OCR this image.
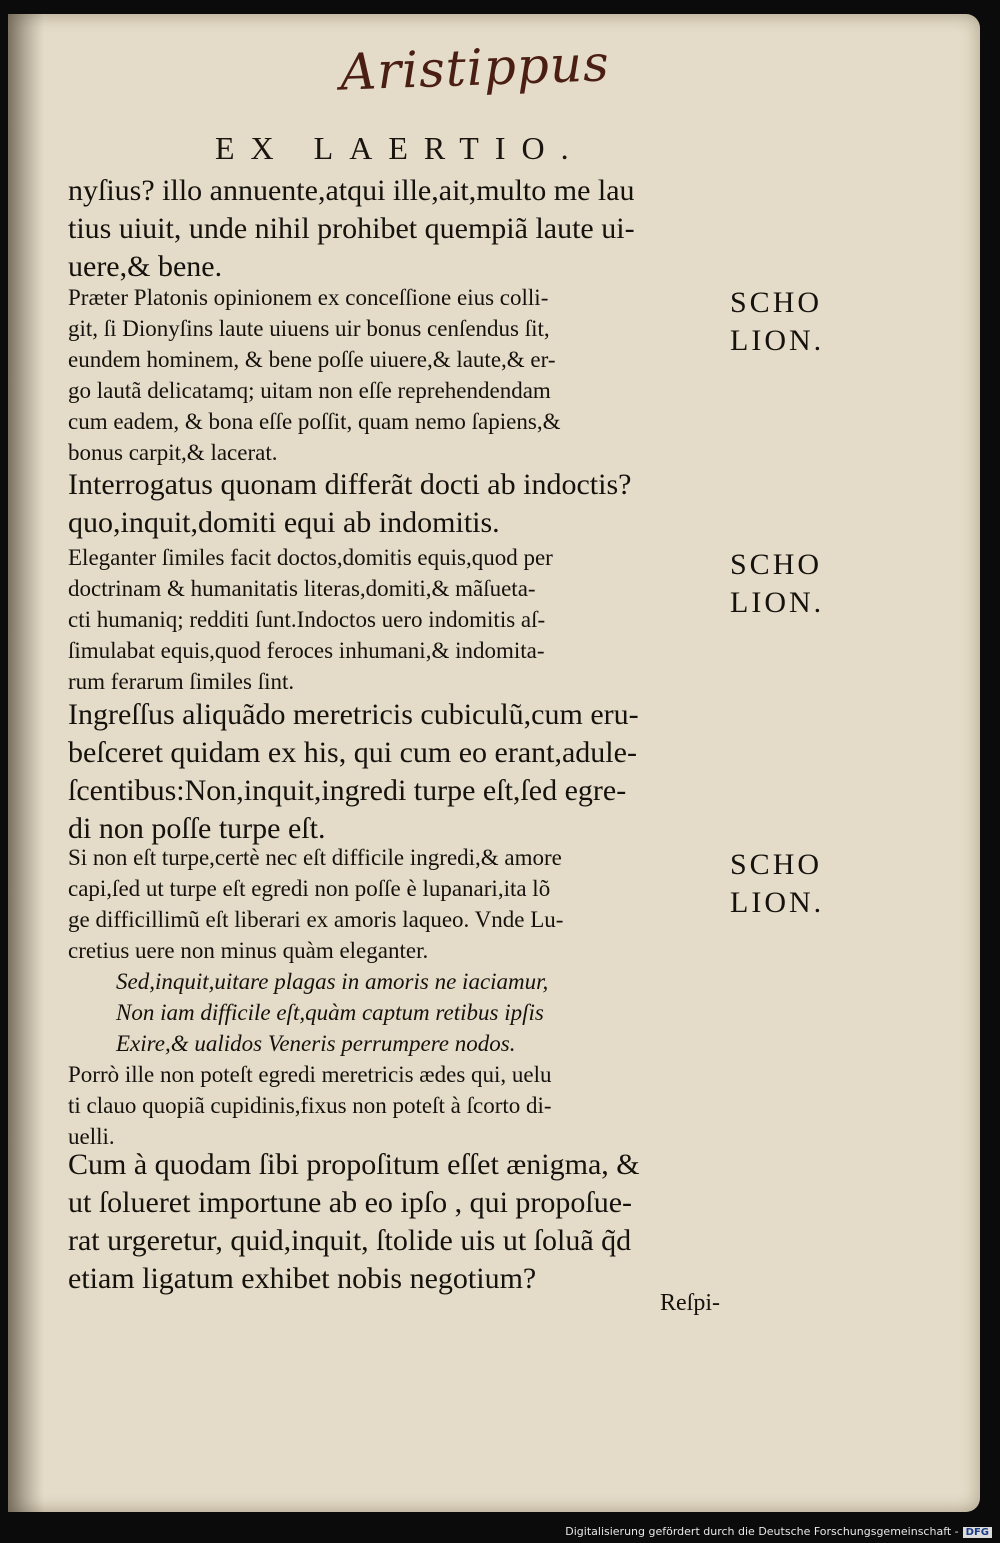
Aristippus
EX LAERTIO.
nyſius? illo annuente,atqui ille,ait,multo me lau
tius uiuit, unde nihil prohibet quempiã laute ui-
uere,& bene.
Præter Platonis opinionem ex conceſſione eius colli-
git, ſi Dionyſins laute uiuens uir bonus cenſendus ſit,
eundem hominem, & bene poſſe uiuere,& laute,& er-
go lautã delicatamq; uitam non eſſe reprehendendam
cum eadem, & bona eſſe poſſit, quam nemo ſapiens,&
bonus carpit,& lacerat.
SCHO
LION.
Interrogatus quonam differãt docti ab indoctis?
quo,inquit,domiti equi ab indomitis.
Eleganter ſimiles facit doctos,domitis equis,quod per
doctrinam & humanitatis literas,domiti,& mãſueta-
cti humaniq; redditi ſunt.Indoctos uero indomitis aſ-
ſimulabat equis,quod feroces inhumani,& indomita-
rum ferarum ſimiles ſint.
SCHO
LION.
Ingreſſus aliquãdo meretricis cubiculũ,cum eru-
beſceret quidam ex his, qui cum eo erant,adule-
ſcentibus:Non,inquit,ingredi turpe eſt,ſed egre-
di non poſſe turpe eſt.
Si non eſt turpe,certè nec eſt difficile ingredi,& amore
capi,ſed ut turpe eſt egredi non poſſe è lupanari,ita lõ
ge difficillimũ eſt liberari ex amoris laqueo. Vnde Lu-
cretius uere non minus quàm eleganter.
Sed,inquit,uitare plagas in amoris ne iaciamur,
Non iam difficile eſt,quàm captum retibus ipſis
Exire,& ualidos Veneris perrumpere nodos.
Porrò ille non poteſt egredi meretricis ædes qui, uelu
ti clauo quopiã cupidinis,fixus non poteſt à ſcorto di-
uelli.
SCHO
LION.
Cum à quodam ſibi propoſitum eſſet ænigma, &
ut ſolueret importune ab eo ipſo , qui propoſue-
rat urgeretur, quid,inquit, ſtolide uis ut ſoluã q̃d
etiam ligatum exhibet nobis negotium?
Reſpi-
Digitalisierung gefördert durch die Deutsche Forschungsgemeinschaft - DFG
